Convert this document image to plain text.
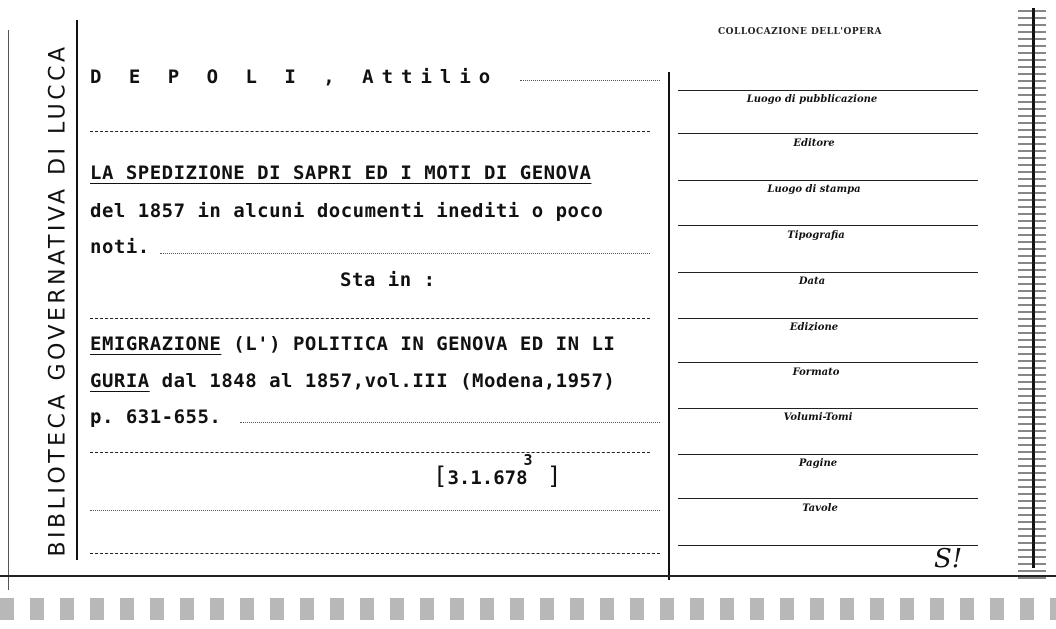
BIBLIOTECA GOVERNATIVA DI LUCCA D E P O L I , Attilio
LA SPEDIZIONE DI SAPRI ED I MOTI DI GENOVA
del 1857 in alcuni documenti inediti o poco
noti.
Sta in :
EMIGRAZIONE (L') POLITICA IN GENOVA ED IN LI
GURIA dal 1848 al 1857,vol.III (Modena,1957)
p. 631-655.
[3.1.678$^3$ ]
COLLOCAZIONE DELL'OPERA
Luogo di pubblicazione
Editore
Luogo di stampa
Tipografia
Data
Edizione
Formato
Volumi-Tomi
Pagine
Tavole
S!
